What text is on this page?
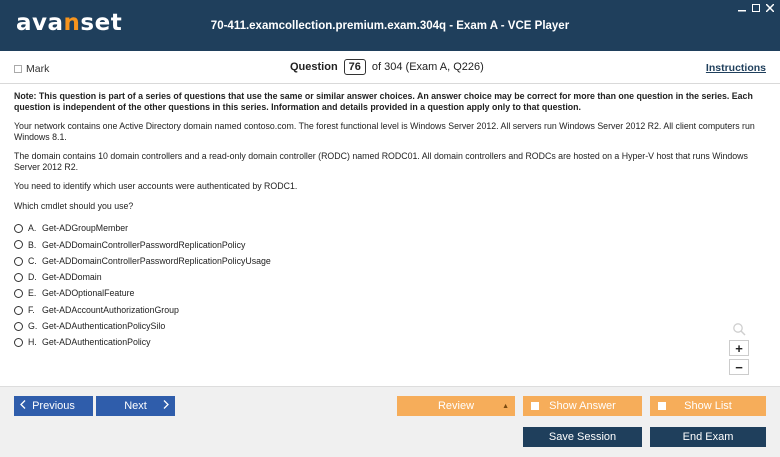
avanset	70-411.examcollection.premium.exam.304q - Exam A - VCE Player
Mark	Question	76	of 304 (Exam A, Q226)	Instructions

Note: This question is part of a series of questions that use the same or similar answer choices. An answer choice may be correct for more than one question in the series. Each question is independent of the other questions in this series. Information and details provided in a question apply only to that question.

Your network contains one Active Directory domain named contoso.com. The forest functional level is Windows Server 2012. All servers run Windows Server 2012 R2. All client computers run Windows 8.1.

The domain contains 10 domain controllers and a read-only domain controller (RODC) named RODC01. All domain controllers and RODCs are hosted on a Hyper-V host that runs Windows Server 2012 R2.

You need to identify which user accounts were authenticated by RODC1.

Which cmdlet should you use?

A. Get-ADGroupMember
B. Get-ADDomainControllerPasswordReplicationPolicy
C. Get-ADDomainControllerPasswordReplicationPolicyUsage
D. Get-ADDomain
E. Get-ADOptionalFeature
F. Get-ADAccountAuthorizationGroup
G. Get-ADAuthenticationPolicySilo
H. Get-ADAuthenticationPolicy	+
−
Previous	Next	Review	▲	Show Answer	Show List
Save Session	End Exam
